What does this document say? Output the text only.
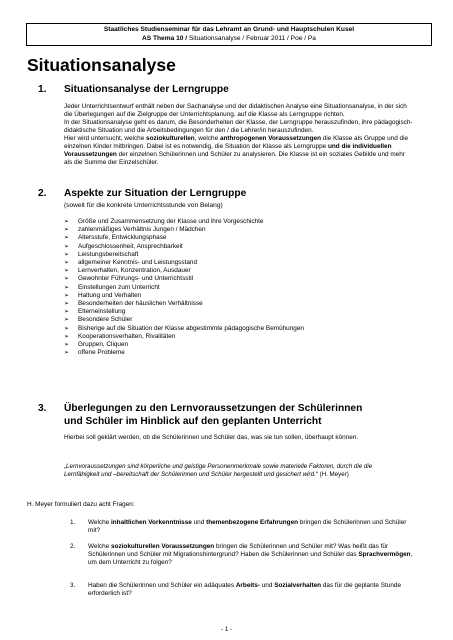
Staatliches Studienseminar für das Lehramt an Grund- und Hauptschulen Kusel
AS Thema 10 / Situationsanalyse / Februar 2011 / Poe / Pa
Situationsanalyse
1. Situationsanalyse der Lerngruppe

Jeder Unterrichtsentwurf enthält neben der Sachanalyse und der didaktischen Analyse eine Situationsanalyse, in der sich die Überlegungen auf die Zielgruppe der Unterrichtsplanung, auf die Klasse als Lerngruppe richten.

In der Situationsanalyse geht es darum, die Besonderheiten der Klasse, der Lerngruppe herauszufinden, ihre pädagogisch-didaktische Situation und die Arbeitsbedingungen für den / die Lehrer/in herauszufinden.

Hier wird untersucht, welche soziokulturellen, welche anthropogenen Voraussetzungen die Klasse als Gruppe und die einzelnen Kinder mitbringen. Dabei ist es notwendig, die Situation der Klasse als Lerngruppe und die individuellen Voraussetzungen der einzelnen Schülerinnen und Schüler zu analysieren. Die Klasse ist ein soziales Gebilde und mehr als die Summe der Einzelschüler.

2. Aspekte zur Situation der Lerngruppe
(soweit für die konkrete Unterrichtsstunde von Belang)
➢	Größe und Zusammensetzung der Klasse und ihre Vorgeschichte
➢	zahlenmäßiges Verhältnis Jungen / Mädchen
➢	Altersstufe, Entwicklungsphase
➢	Aufgeschlossenheit, Ansprechbarkeit
➢	Leistungsbereitschaft
➢	allgemeiner Kenntnis- und Leistungsstand
➢	Lernverhalten, Konzentration, Ausdauer
➢	Gewohnter Führungs- und Unterrichtsstil
➢	Einstellungen zum Unterricht
➢	Haltung und Verhalten
➢	Besonderheiten der häuslichen Verhältnisse
➢	Elterneinstellung
➢	Besondere Schüler
➢	Bisherige auf die Situation der Klasse abgestimmte pädagogische Bemühungen
➢	Kooperationsverhalten, Rivalitäten
➢	Gruppen, Cliquen
➢	offene Probleme
3. Überlegungen zu den Lernvoraussetzungen der Schülerinnen
und Schüler im Hinblick auf den geplanten Unterricht
Hierbei soll geklärt werden, ob die Schülerinnen und Schüler das, was sie tun sollen, überhaupt können.
„Lernvoraussetzungen sind körperliche und geistige Personenmerkmale sowie materielle Faktoren, durch die die Lernfähigkeit und –bereitschaft der Schülerinnen und Schüler hergestellt und gesichert wird.“ (H. Meyer)
H. Meyer formuliert dazu acht Fragen:
1. Welche inhaltlichen Vorkenntnisse und themenbezogene Erfahrungen bringen die Schülerinnen und Schüler mit?
2. Welche soziokulturellen Voraussetzungen bringen die Schülerinnen und Schüler mit? Was heißt das für Schülerinnen und Schüler mit Migrationshintergrund? Haben die Schülerinnen und Schüler das Sprachvermögen, um dem Unterricht zu folgen?
3. Haben die Schülerinnen und Schüler ein adäquates Arbeits- und Sozialverhalten das für die geplante Stunde erforderlich ist?
- 1 -
